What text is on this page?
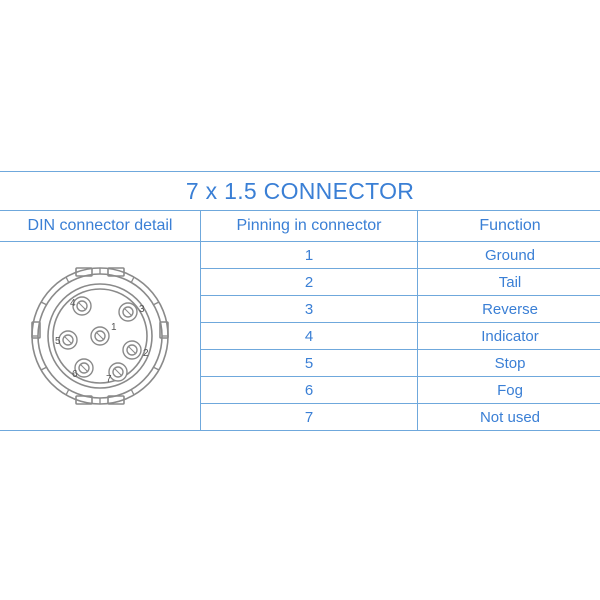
7 x 1.5 CONNECTOR
DIN connector detail	Pinning in connector	Function

1
2
3
4
5
6	7
	1	Ground
	2	Tail
	3	Reverse
	4	Indicator
	5	Stop
	6	Fog
	7	Not used
